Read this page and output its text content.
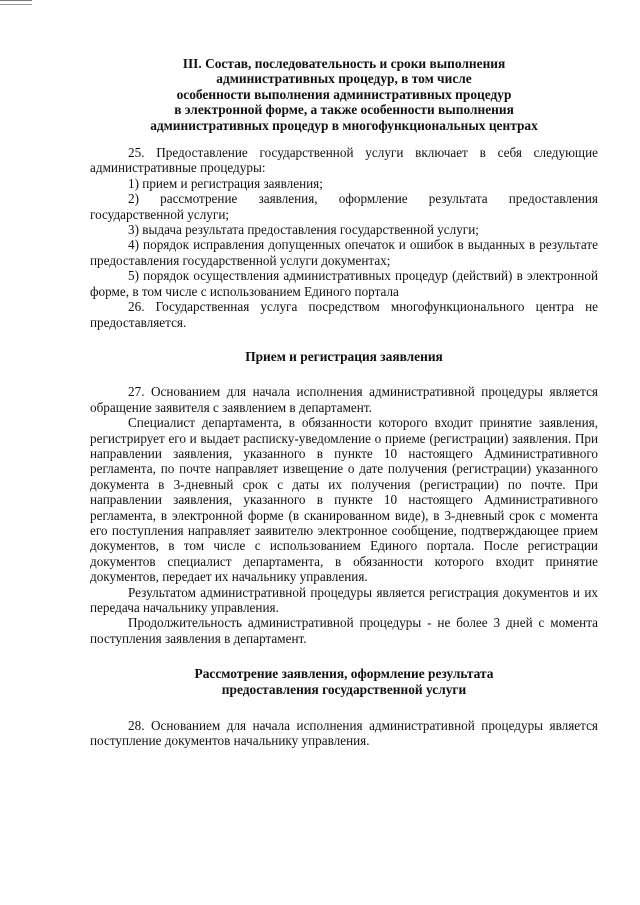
III. Состав, последовательность и сроки выполнения
административных процедур, в том числе
особенности выполнения административных процедур
в электронной форме, а также особенности выполнения
административных процедур в многофункциональных центрах

25. Предоставление государственной услуги включает в себя следующие административные процедуры:

1) прием и регистрация заявления;

2) рассмотрение заявления, оформление результата предоставления государственной услуги;

3) выдача результата предоставления государственной услуги;

4) порядок исправления допущенных опечаток и ошибок в выданных в результате предоставления государственной услуги документах;

5) порядок осуществления административных процедур (действий) в электронной форме, в том числе с использованием Единого портала

26. Государственная услуга посредством многофункционального центра не предоставляется.

Прием и регистрация заявления

27. Основанием для начала исполнения административной процедуры является обращение заявителя с заявлением в департамент.

Специалист департамента, в обязанности которого входит принятие заявления, регистрирует его и выдает расписку-уведомление о приеме (регистрации) заявления. При направлении заявления, указанного в пункте 10 настоящего Административного регламента, по почте направляет извещение о дате получения (регистрации) указанного документа в 3-дневный срок с даты их получения (регистрации) по почте. При направлении заявления, указанного в пункте 10 настоящего Административного регламента, в электронной форме (в сканированном виде), в 3-дневный срок с момента его поступления направляет заявителю электронное сообщение, подтверждающее прием документов, в том числе с использованием Единого портала. После регистрации документов специалист департамента, в обязанности которого входит принятие документов, передает их начальнику управления.

Результатом административной процедуры является регистрация документов и их передача начальнику управления.

Продолжительность административной процедуры - не более 3 дней с момента поступления заявления в департамент.

Рассмотрение заявления, оформление результата
предоставления государственной услуги

28. Основанием для начала исполнения административной процедуры является поступление документов начальнику управления.
